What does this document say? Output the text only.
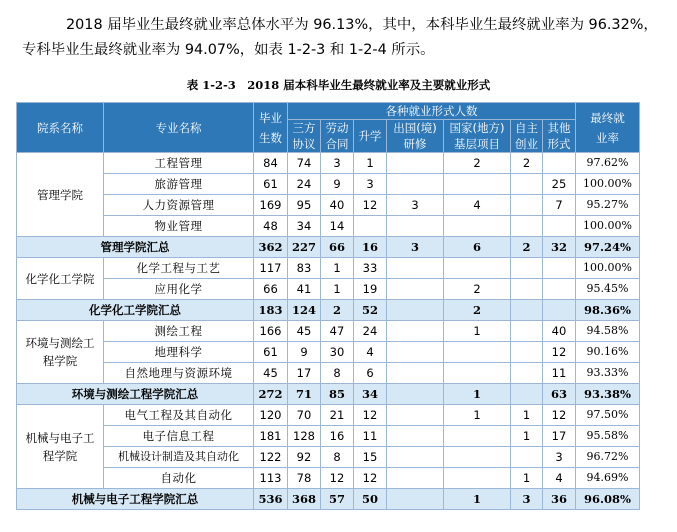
2018 届毕业生最终就业率总体水平为 96.13%，其中，本科毕业生最终就业率为 96.32%，

专科毕业生最终就业率为 94.07%，如表 1-2-3 和 1-2-4 所示。

表 1-2-3　2018 届本科毕业生最终就业率及主要就业形式
院系名称	专业名称	毕业生数	各种就业形式人数							最终就业率
			三方协议	劳动合同	升学	出国(境)研修	国家(地方)基层项目	自主创业	其他形式	
管理学院	工程管理	84	74	3	1		2	2		97.62%
	旅游管理	61	24	9	3				25	100.00%
	人力资源管理	169	95	40	12	3	4		7	95.27%
	物业管理	48	34	14						100.00%
管理学院汇总		362	227	66	16	3	6	2	32	97.24%
化学化工学院	化学工程与工艺	117	83	1	33					100.00%
	应用化学	66	41	1	19		2			95.45%
化学化工学院汇总		183	124	2	52		2			98.36%
环境与测绘工程学院	测绘工程	166	45	47	24		1		40	94.58%
	地理科学	61	9	30	4				12	90.16%
	自然地理与资源环境	45	17	8	6				11	93.33%
环境与测绘工程学院汇总		272	71	85	34		1		63	93.38%
机械与电子工程学院	电气工程及其自动化	120	70	21	12		1	1	12	97.50%
	电子信息工程	181	128	16	11			1	17	95.58%
	机械设计制造及其自动化	122	92	8	15				3	96.72%
	自动化	113	78	12	12			1	4	94.69%
机械与电子工程学院汇总		536	368	57	50		1	3	36	96.08%
